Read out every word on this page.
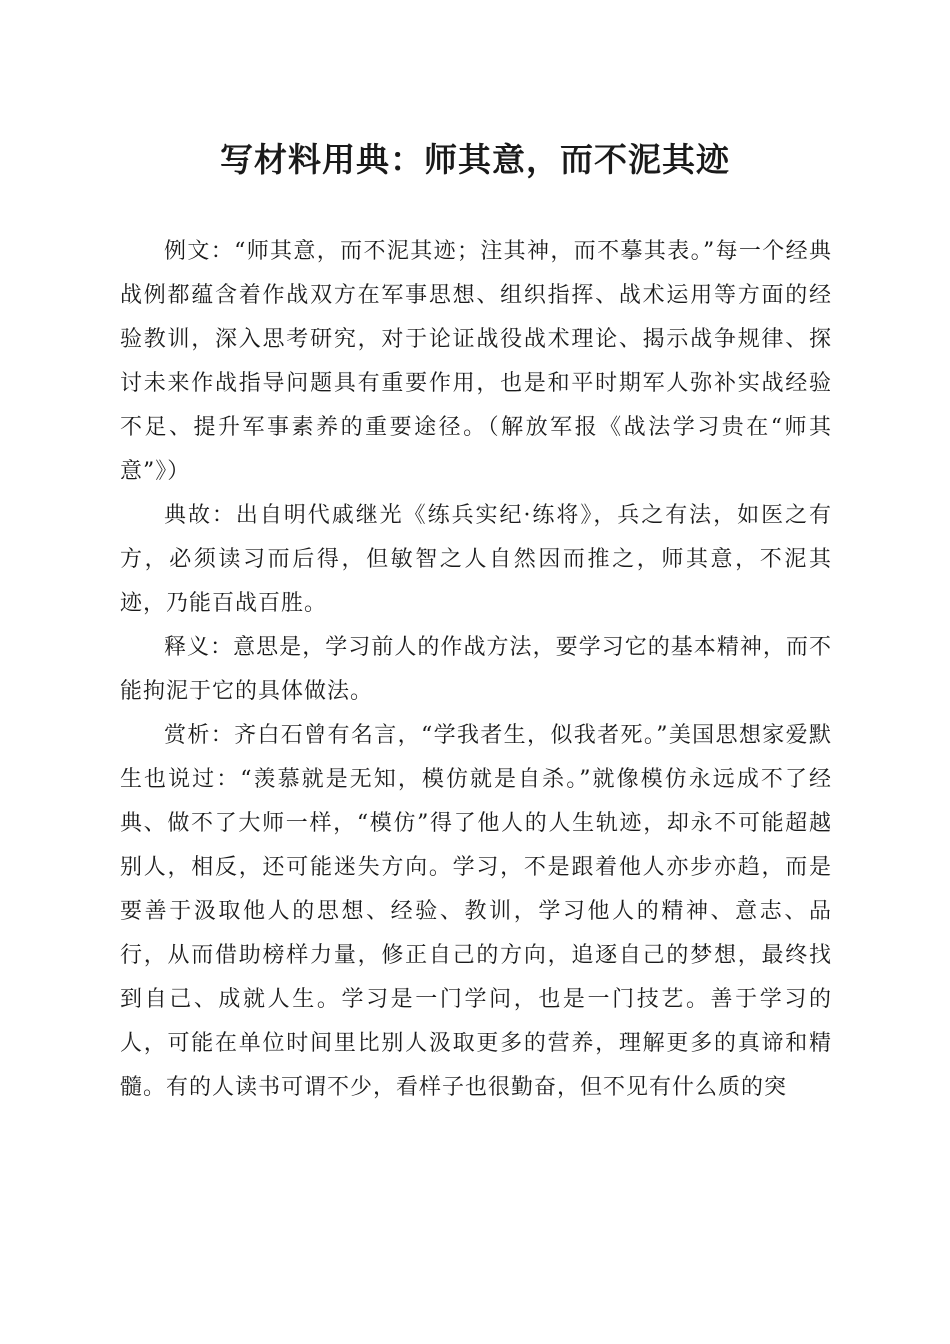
写材料用典：师其意，而不泥其迹

例文：“师其意，而不泥其迹；注其神，而不摹其表。”每一个经典战例都蕴含着作战双方在军事思想、组织指挥、战术运用等方面的经验教训，深入思考研究，对于论证战役战术理论、揭示战争规律、探讨未来作战指导问题具有重要作用，也是和平时期军人弥补实战经验不足、提升军事素养的重要途径。（解放军报《战法学习贵在“师其意”》）

典故：出自明代戚继光《练兵实纪·练将》，兵之有法，如医之有方，必须读习而后得，但敏智之人自然因而推之，师其意，不泥其迹，乃能百战百胜。

释义：意思是，学习前人的作战方法，要学习它的基本精神，而不能拘泥于它的具体做法。

赏析：齐白石曾有名言，“学我者生，似我者死。”美国思想家爱默生也说过：“羡慕就是无知，模仿就是自杀。”就像模仿永远成不了经典、做不了大师一样，“模仿”得了他人的人生轨迹，却永不可能超越别人，相反，还可能迷失方向。学习，不是跟着他人亦步亦趋，而是要善于汲取他人的思想、经验、教训，学习他人的精神、意志、品行，从而借助榜样力量，修正自己的方向，追逐自己的梦想，最终找到自己、成就人生。学习是一门学问，也是一门技艺。善于学习的人，可能在单位时间里比别人汲取更多的营养，理解更多的真谛和精髓。有的人读书可谓不少，看样子也很勤奋，但不见有什么质的突
